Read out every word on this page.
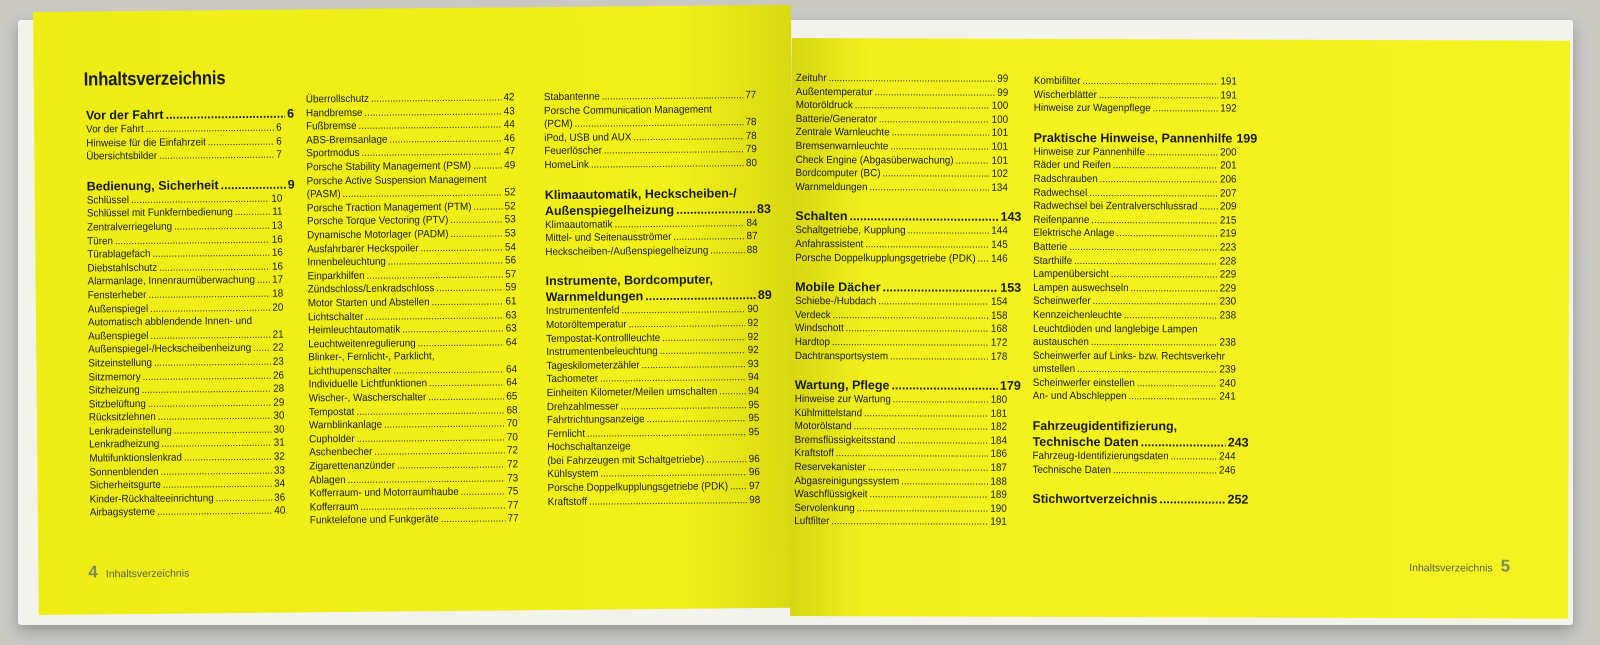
Inhaltsverzeichnis
Vor der Fahrt .....	6
Vor der Fahrt .....	6
Hinweise für die Einfahrzeit .....	6
Übersichtsbilder .....	7
Bedienung, Sicherheit .....	9
Schlüssel .....	10
Schlüssel mit Funkfernbedienung .....	11
Zentralverriegelung .....	13
Türen .....	16
Türablagefach .....	16
Diebstahlschutz .....	16
Alarmanlage, Innenraumüberwachung ..... 17
Fensterheber .....	18
Außenspiegel .....	20
Automatisch abblendende Innen- und
Außenspiegel .....	21
Außenspiegel-/Heckscheibenheizung ..... 22
Sitzeinstellung .....	23
Sitzmemory .....	26
Sitzheizung .....	28
Sitzbelüftung .....	29
Rücksitzlehnen .....	30
Lenkradeinstellung .....	30
Lenkradheizung .....	31
Multifunktionslenkrad .....	32
Sonnenblenden .....	33
Sicherheitsgurte .....	34
Kinder-Rückhalteeinrichtung .....	36
Airbagsysteme .....	40
Überrollschutz .....	42
Handbremse .....	43
Fußbremse .....	44
ABS-Bremsanlage .....	46
Sportmodus .....	47
Porsche Stability Management (PSM) .....	49
Porsche Active Suspension Management
(PASM) .....	52
Porsche Traction Management (PTM) .....	52
Porsche Torque Vectoring (PTV) .....	53
Dynamische Motorlager (PADM) .....	53
Ausfahrbarer Heckspoiler .....	54
Innenbeleuchtung .....	56
Einparkhilfen .....	57
Zündschloss/Lenkradschloss .....	59
Motor Starten und Abstellen .....	61
Lichtschalter .....	63
Heimleuchtautomatik .....	63
Leuchtweitenregulierung .....	64
Blinker-, Fernlicht-, Parklicht,
Lichthupenschalter .....	64
Individuelle Lichtfunktionen .....	64
Wischer-, Wascherschalter .....	65
Tempostat .....	68
Warnblinkanlage .....	70
Cupholder .....	70
Aschenbecher .....	72
Zigarettenanzünder .....	72
Ablagen .....	73
Kofferraum- und Motorraumhaube .....	75
Kofferraum .....	77
Funktelefone und Funkgeräte .....	77
Stabantenne .....	77
Porsche Communication Management
(PCM) .....	78
iPod, USB und AUX .....	78
Feuerlöscher .....	79
HomeLink .....	80
Klimaautomatik, Heckscheiben-/
Außenspiegelheizung .....	83
Klimaautomatik .....	84
Mittel- und Seitenausströmer .....	87
Heckscheiben-/Außenspiegelheizung .....	88
Instrumente, Bordcomputer,
Warnmeldungen .....	89
Instrumentenfeld .....	90
Motoröltemperatur .....	92
Tempostat-Kontrollleuchte .....	92
Instrumentenbeleuchtung .....	92
Tageskilometerzähler .....	93
Tachometer .....	94
Einheiten Kilometer/Meilen umschalten .....	94
Drehzahlmesser .....	95
Fahrtrichtungsanzeige .....	95
Fernlicht .....	95
Hochschaltanzeige
(bei Fahrzeugen mit Schaltgetriebe) .....	96
Kühlsystem .....	96
Porsche Doppelkupplungsgetriebe (PDK) ..... 97
Kraftstoff .....	98
4 Inhaltsverzeichnis
Zeituhr .....	99
Außentemperatur .....	99
Motoröldruck .....	100
Batterie/Generator .....	100
Zentrale Warnleuchte .....	101
Bremsenwarnleuchte .....	101
Check Engine (Abgasüberwachung) .....	101
Bordcomputer (BC) .....	102
Warnmeldungen .....	134
Schalten .....	143
Schaltgetriebe, Kupplung .....	144
Anfahrassistent .....	145
Porsche Doppelkupplungsgetriebe (PDK) ..... 146
Mobile Dächer .....	153
Schiebe-/Hubdach .....	154
Verdeck .....	158
Windschott .....	168
Hardtop .....	172
Dachtransportsystem .....	178
Wartung, Pflege .....	179
Hinweise zur Wartung .....	180
Kühlmittelstand .....	181
Motorölstand .....	182
Bremsflüssigkeitsstand .....	184
Kraftstoff .....	186
Reservekanister .....	187
Abgasreinigungssystem .....	188
Waschflüssigkeit .....	189
Servolenkung .....	190
Luftfilter .....	191
Kombifilter .....	191
Wischerblätter .....	191
Hinweise zur Wagenpflege .....	192
Praktische Hinweise, Pannenhilfe ..... 199
Hinweise zur Pannenhilfe .....	200
Räder und Reifen .....	201
Radschrauben .....	206
Radwechsel .....	207
Radwechsel bei Zentralverschlussrad ..... 209
Reifenpanne .....	215
Elektrische Anlage .....	219
Batterie .....	223
Starthilfe .....	228
Lampenübersicht .....	229
Lampen auswechseln .....	229
Scheinwerfer .....	230
Kennzeichenleuchte .....	238
Leuchtdioden und langlebige Lampen
austauschen .....	238
Scheinwerfer auf Links- bzw. Rechtsverkehr
umstellen .....	239
Scheinwerfer einstellen .....	240
An- und Abschleppen .....	241
Fahrzeugidentifizierung,
Technische Daten .....	243
Fahrzeug-Identifizierungsdaten .....	244
Technische Daten .....	246
Stichwortverzeichnis .....	252
Inhaltsverzeichnis 5
